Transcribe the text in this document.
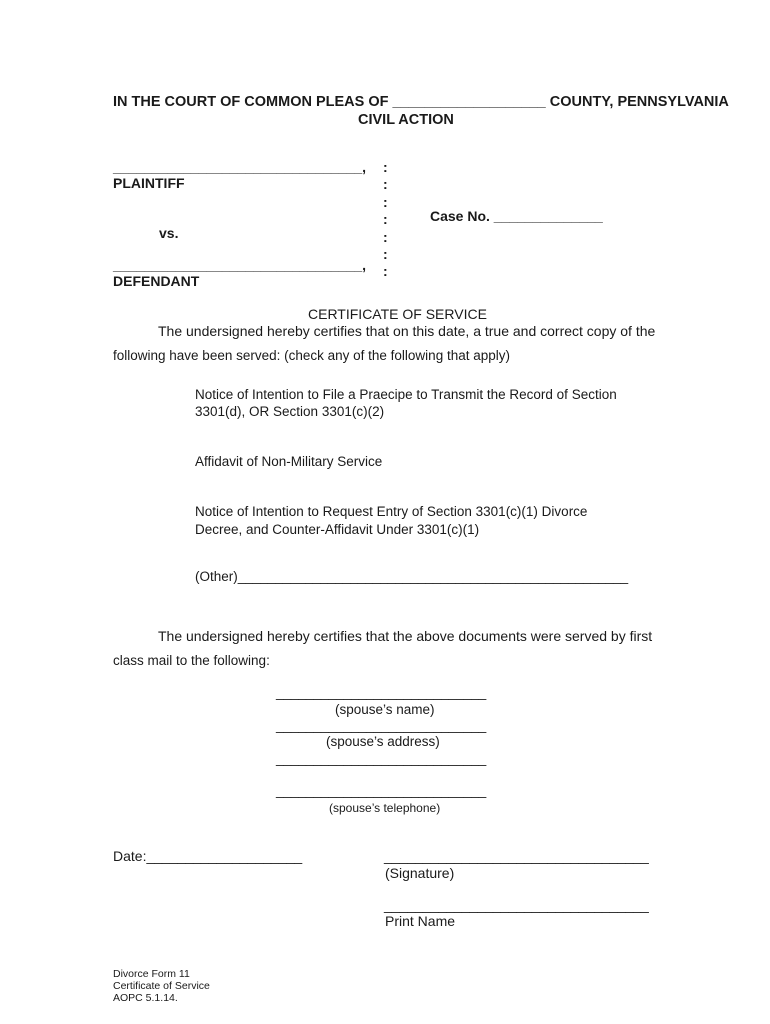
IN THE COURT OF COMMON PLEAS OF ___________________ COUNTY, PENNSYLVANIA
CIVIL ACTION
________________________________,
PLAINTIFF
vs.
________________________________,
DEFENDANT
:
:
:
:
:
:
:
Case No. ______________
CERTIFICATE OF SERVICE
The undersigned hereby certifies that on this date, a true and correct copy of the
following have been served: (check any of the following that apply)
Notice of Intention to File a Praecipe to Transmit the Record of Section
3301(d), OR Section 3301(c)(2)
Affidavit of Non-Military Service
Notice of Intention to Request Entry of Section 3301(c)(1) Divorce
Decree, and Counter-Affidavit Under 3301(c)(1)
(Other)____________________________________________________
The undersigned hereby certifies that the above documents were served by first
class mail to the following:
____________________________
(spouse’s name)
____________________________
(spouse’s address)
____________________________
____________________________
(spouse’s telephone)
Date:____________________	__________________________________
(Signature)
__________________________________
Print Name
Divorce Form 11
Certificate of Service
AOPC 5.1.14.
